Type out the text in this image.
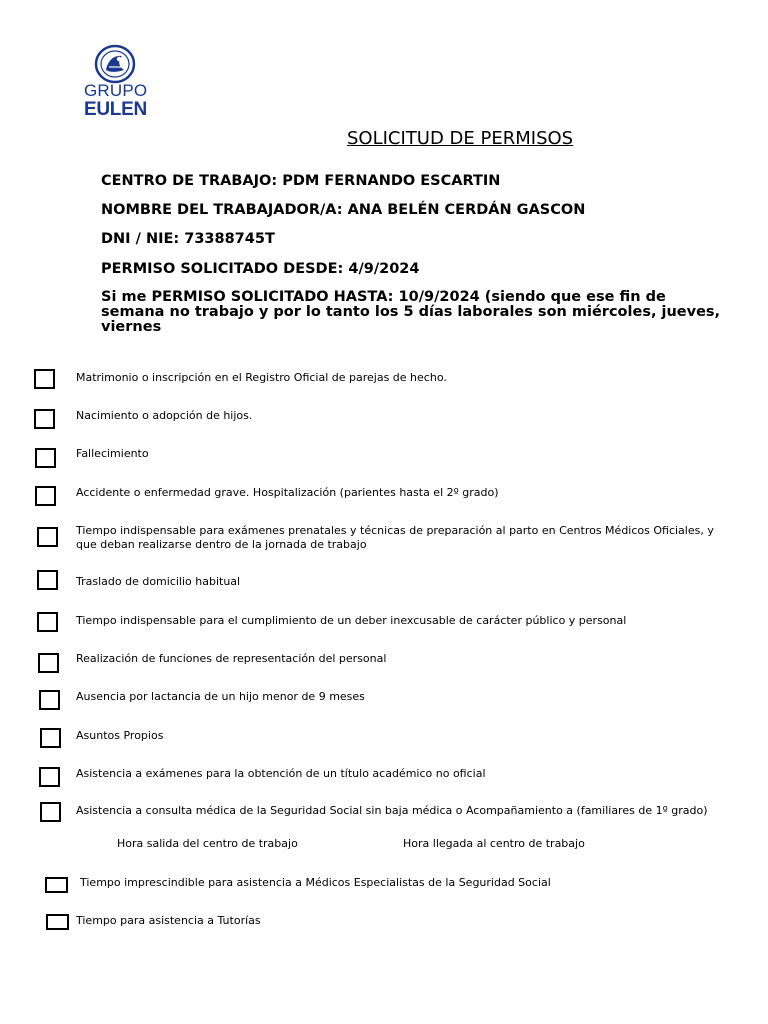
GRUPO
EULEN
SOLICITUD DE PERMISOS
CENTRO DE TRABAJO: PDM FERNANDO ESCARTIN
NOMBRE DEL TRABAJADOR/A: ANA BELÉN CERDÁN GASCON
DNI / NIE: 73388745T
PERMISO SOLICITADO DESDE: 4/9/2024
Si me PERMISO SOLICITADO HASTA: 10/9/2024 (siendo que ese fin de semana no trabajo y por lo tanto los 5 días laborales son miércoles, jueves, viernes
Matrimonio o inscripción en el Registro Oficial de parejas de hecho.
Nacimiento o adopción de hijos.
Fallecimiento
Accidente o enfermedad grave. Hospitalización (parientes hasta el 2º grado)
Tiempo indispensable para exámenes prenatales y técnicas de preparación al parto en Centros Médicos Oficiales, y que deban realizarse dentro de la jornada de trabajo
Traslado de domicilio habitual
Tiempo indispensable para el cumplimiento de un deber inexcusable de carácter público y personal
Realización de funciones de representación del personal
Ausencia por lactancia de un hijo menor de 9 meses
Asuntos Propios
Asistencia a exámenes para la obtención de un título académico no oficial
Asistencia a consulta médica de la Seguridad Social sin baja médica o Acompañamiento a (familiares de 1º grado)
Hora salida del centro de trabajo	Hora llegada al centro de trabajo
Tiempo imprescindible para asistencia a Médicos Especialistas de la Seguridad Social
Tiempo para asistencia a Tutorías
